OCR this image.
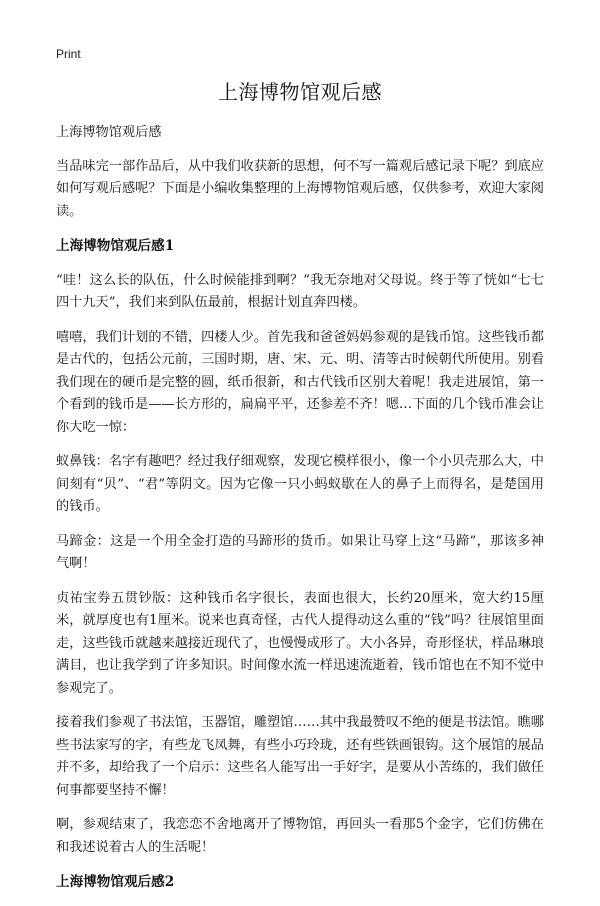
Print
上海博物馆观后感

上海博物馆观后感

当品味完一部作品后，从中我们收获新的思想，何不写一篇观后感记录下呢？到底应如何写观后感呢？下面是小编收集整理的上海博物馆观后感，仅供参考，欢迎大家阅读。

上海博物馆观后感1

“哇！这么长的队伍，什么时候能排到啊？”我无奈地对父母说。终于等了恍如“七七四十九天”，我们来到队伍最前，根据计划直奔四楼。

嘻嘻，我们计划的不错，四楼人少。首先我和爸爸妈妈参观的是钱币馆。这些钱币都是古代的，包括公元前，三国时期，唐、宋、元、明、清等古时候朝代所使用。别看我们现在的硬币是完整的圆，纸币很新，和古代钱币区别大着呢！我走进展馆，第一个看到的钱币是——长方形的，扁扁平平，还参差不齐！嗯…下面的几个钱币准会让你大吃一惊：

蚁鼻钱：名字有趣吧？经过我仔细观察，发现它模样很小，像一个小贝壳那么大，中间刻有“贝”、“君”等阴文。因为它像一只小蚂蚁歇在人的鼻子上而得名，是楚国用的钱币。

马蹄金：这是一个用全金打造的马蹄形的货币。如果让马穿上这“马蹄”，那该多神气啊！

贞祐宝券五贯钞版：这种钱币名字很长，表面也很大，长约20厘米，宽大约15厘米，就厚度也有1厘米。说来也真奇怪，古代人提得动这么重的“钱”吗？往展馆里面走，这些钱币就越来越接近现代了，也慢慢成形了。大小各异，奇形怪状，样品琳琅满目，也让我学到了许多知识。时间像水流一样迅速流逝着，钱币馆也在不知不觉中参观完了。

接着我们参观了书法馆，玉器馆，雕塑馆……其中我最赞叹不绝的便是书法馆。瞧哪些书法家写的字，有些龙飞凤舞，有些小巧玲珑，还有些铁画银钩。这个展馆的展品并不多，却给我了一个启示：这些名人能写出一手好字，是要从小苦练的，我们做任何事都要坚持不懈！

啊，参观结束了，我恋恋不舍地离开了博物馆，再回头一看那5个金字，它们仿佛在和我述说着古人的生活呢！

上海博物馆观后感2
